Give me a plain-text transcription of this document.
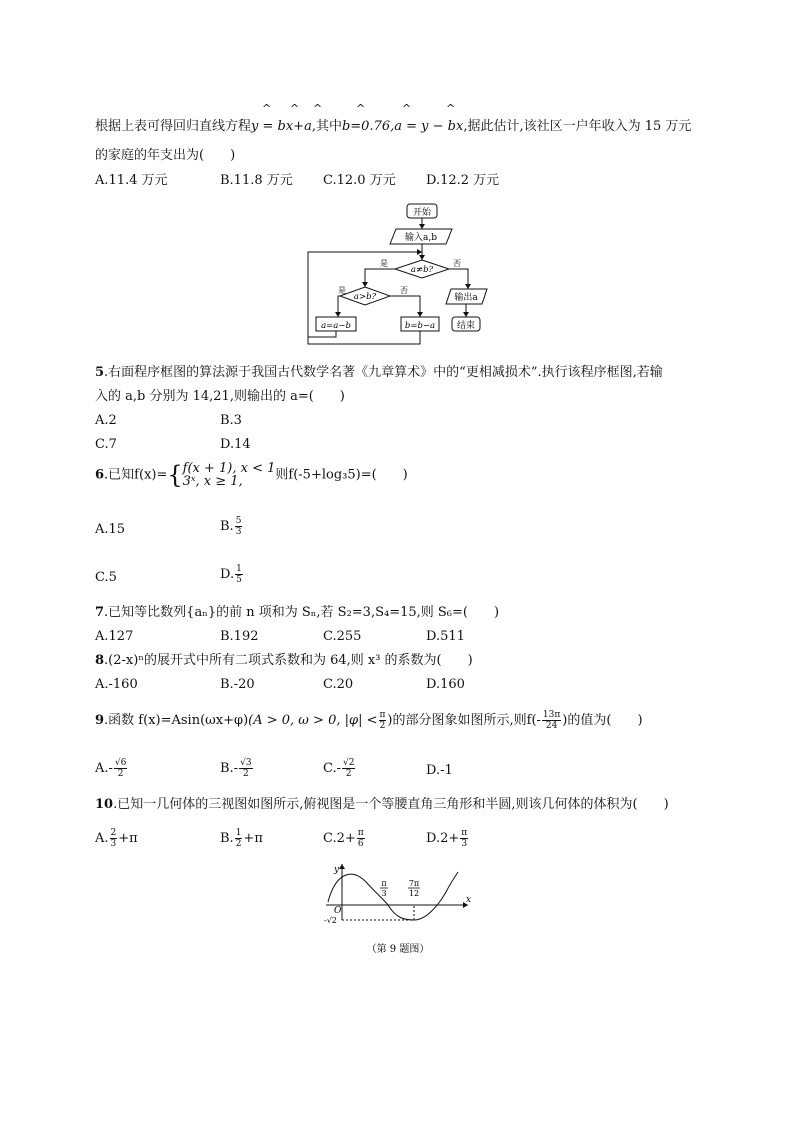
^ ^ ^	^	^	^
根据上表可得回归直线方程y = bx+a,其中b=0.76,a = y − bx,据此估计,该社区一户年收入为 15 万元
的家庭的年支出为(　　)
A.11.4 万元	B.11.8 万元 C.12.0 万元 D.12.2 万元
开始
输入a,b
a≠b?
是	否
输出a
结束
a>b?
是	否
a=a−b	b=b−a
5.右面程序框图的算法源于我国古代数学名著《九章算术》中的“更相减损术”.执行该程序框图,若输
入的 a,b 分别为 14,21,则输出的 a=(　　)
A.2	B.3
C.7	D.14
6.已知f(x)={ f(x + 1), x < 1
3ˣ, x ≥ 1,	则f(-5+log₃5)=(　　)
A.15	B. $\frac{5}{3}$
C.5	D. $\frac{1}{5}$
7.已知等比数列{aₙ}的前 n 项和为 Sₙ,若 S₂=3,S₄=15,则 S₆=(　　)
A.127	B.192	C.255	D.511
8.(2-x)ⁿ的展开式中所有二项式系数和为 64,则 x³ 的系数为(　　)
A.-160	B.-20	C.20	D.160
9.函数 f(x)=Asin(ωx+φ)(A > 0, ω > 0, $|\varphi| < \frac{\pi}{2}$ )的部分图象如图所示,则$f(- \frac{13\pi}{24}$ )的值为(　　)
$A.- \frac{√6}{2}$	$B.- \frac{√3}{2}$	$C.- \frac{√2}{2}$	D.-1
10.已知一几何体的三视图如图所示,俯视图是一个等腰直角三角形和半圆,则该几何体的体积为(　　)
A. $\frac{2}{3} +\pi$	B. $\frac{1}{2} +\pi$	$C.2+ \frac{\pi}{6}$	$D.2+ \frac{\pi}{3}$
y
x
O
π
3
7π
12
-√2
（第 9 题图）
